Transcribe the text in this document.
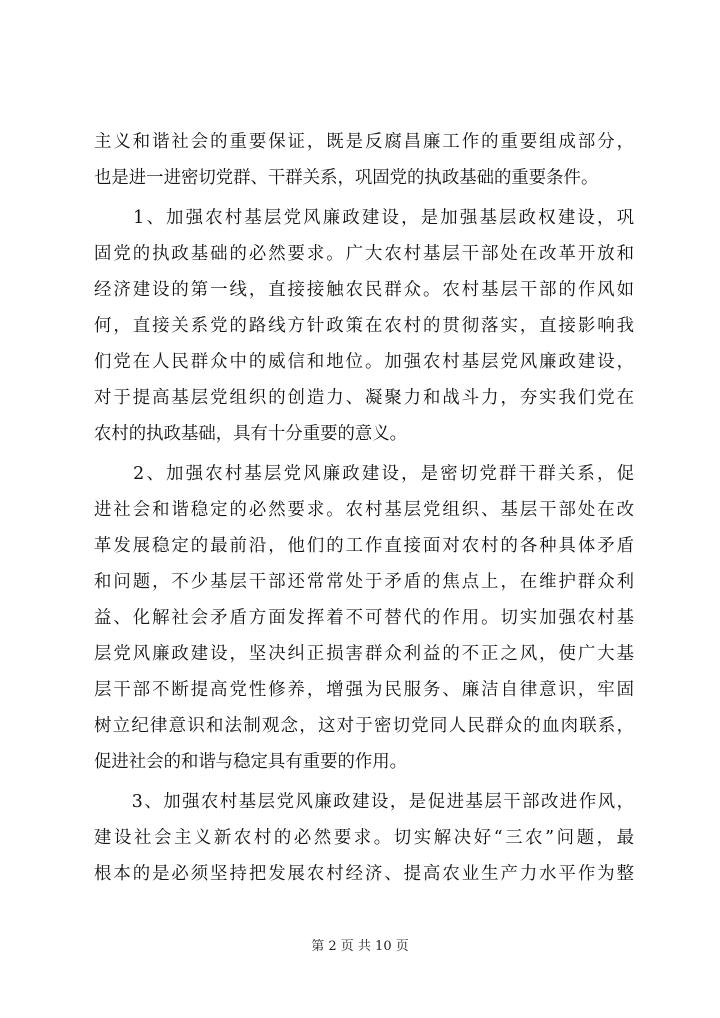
主义和谐社会的重要保证，既是反腐昌廉工作的重要组成部分，
也是进一进密切党群、干群关系，巩固党的执政基础的重要条件。
　　1、加强农村基层党风廉政建设，是加强基层政权建设，巩
固党的执政基础的必然要求。广大农村基层干部处在改革开放和
经济建设的第一线，直接接触农民群众。农村基层干部的作风如
何，直接关系党的路线方针政策在农村的贯彻落实，直接影响我
们党在人民群众中的威信和地位。加强农村基层党风廉政建设，
对于提高基层党组织的创造力、凝聚力和战斗力，夯实我们党在
农村的执政基础，具有十分重要的意义。
　　2、加强农村基层党风廉政建设，是密切党群干群关系，促
进社会和谐稳定的必然要求。农村基层党组织、基层干部处在改
革发展稳定的最前沿，他们的工作直接面对农村的各种具体矛盾
和问题，不少基层干部还常常处于矛盾的焦点上，在维护群众利
益、化解社会矛盾方面发挥着不可替代的作用。切实加强农村基
层党风廉政建设，坚决纠正损害群众利益的不正之风，使广大基
层干部不断提高党性修养，增强为民服务、廉洁自律意识，牢固
树立纪律意识和法制观念，这对于密切党同人民群众的血肉联系，
促进社会的和谐与稳定具有重要的作用。
　　3、加强农村基层党风廉政建设，是促进基层干部改进作风，
建设社会主义新农村的必然要求。切实解决好“三农”问题，最
根本的是必须坚持把发展农村经济、提高农业生产力水平作为整
第 2 页 共 10 页
